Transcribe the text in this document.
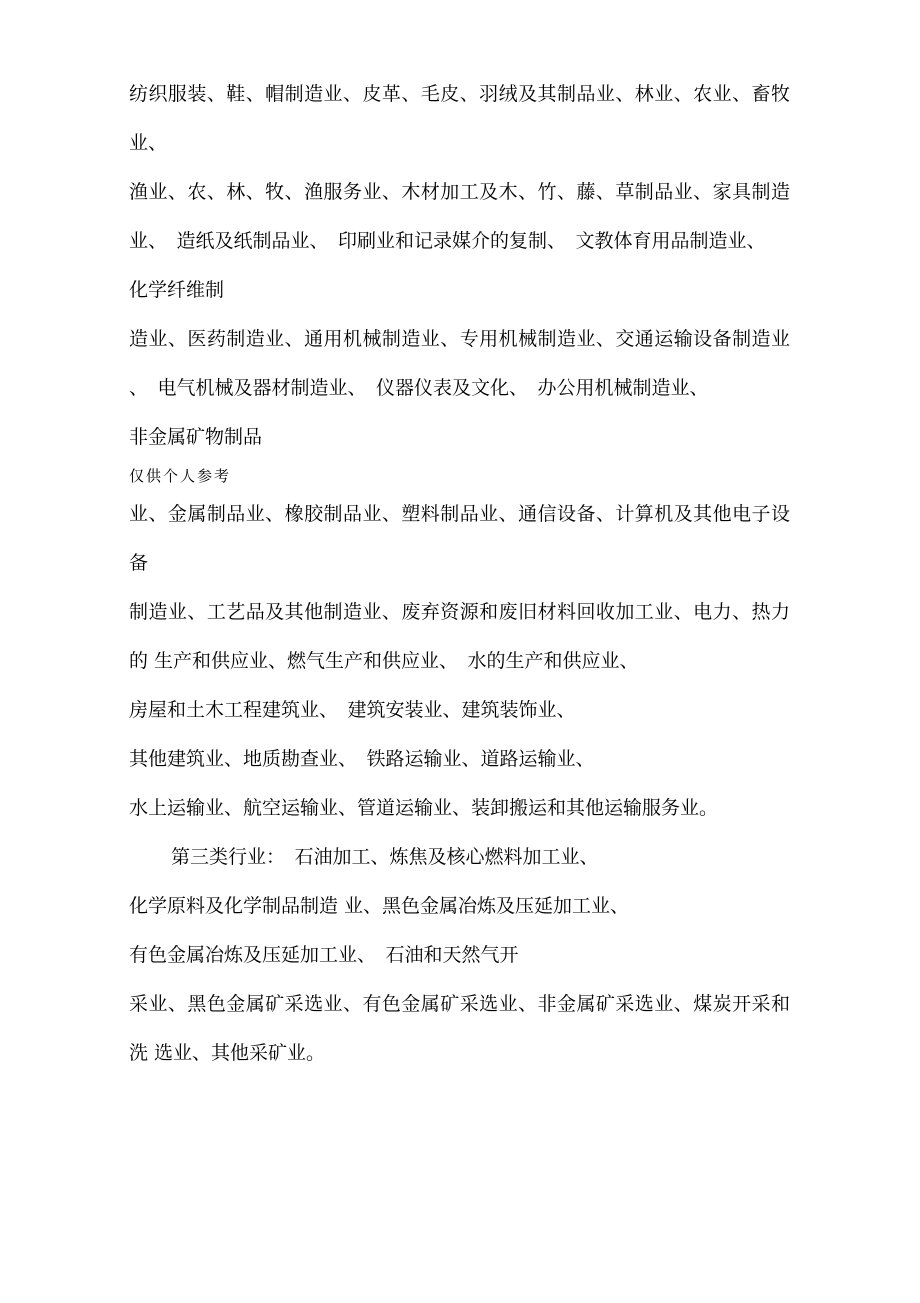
纺织服装、鞋、帽制造业、皮革、毛皮、羽绒及其制品业、林业、农业、畜牧
业、
渔业、农、林、牧、渔服务业、木材加工及木、竹、藤、草制品业、家具制造
业、　造纸及纸制品业、　印刷业和记录媒介的复制、　文教体育用品制造业、
化学纤维制
造业、医药制造业、通用机械制造业、专用机械制造业、交通运输设备制造业
、　电气机械及器材制造业、　仪器仪表及文化、　办公用机械制造业、
非金属矿物制品
仅供个人参考
业、金属制品业、橡胶制品业、塑料制品业、通信设备、计算机及其他电子设
备
制造业、工艺品及其他制造业、废弃资源和废旧材料回收加工业、电力、热力
的 生产和供应业、燃气生产和供应业、　水的生产和供应业、
房屋和土木工程建筑业、　建筑安装业、建筑装饰业、
其他建筑业、地质勘查业、　铁路运输业、道路运输业、
水上运输业、航空运输业、管道运输业、装卸搬运和其他运输服务业。
第三类行业：　石油加工、炼焦及核心燃料加工业、
化学原料及化学制品制造 业、黑色金属冶炼及压延加工业、
有色金属冶炼及压延加工业、　石油和天然气开
采业、黑色金属矿采选业、有色金属矿采选业、非金属矿采选业、煤炭开采和
洗 选业、其他采矿业。
